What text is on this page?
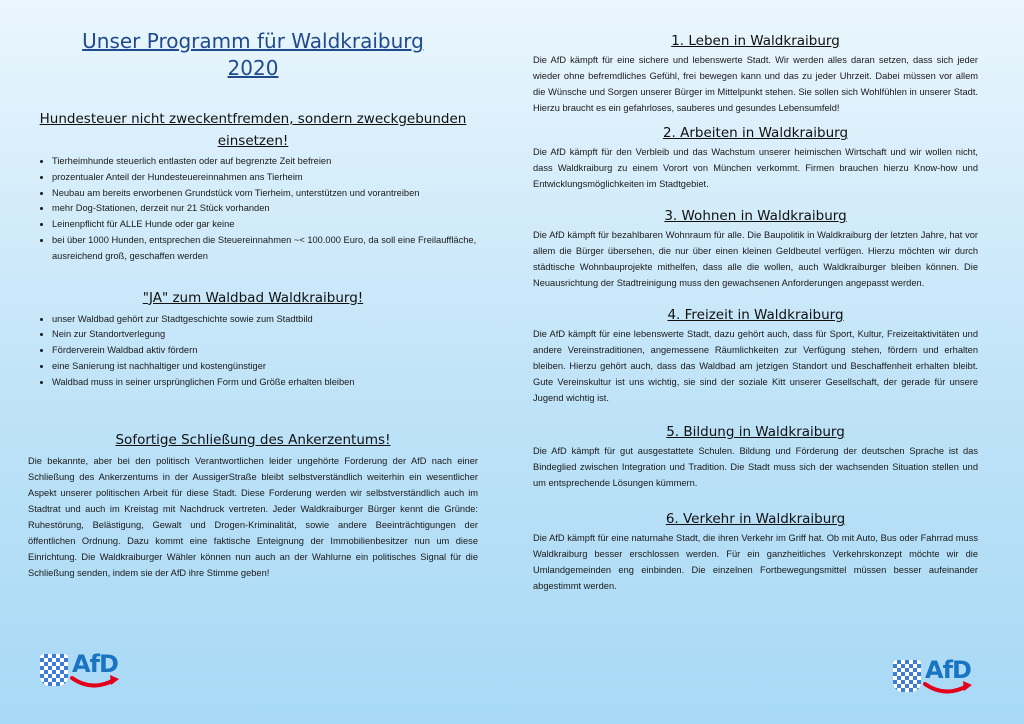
Unser Programm für Waldkraiburg
2020
Hundesteuer nicht zweckentfremden, sondern zweckgebunden
einsetzen!
• Tierheimhunde steuerlich entlasten oder auf begrenzte Zeit befreien
• prozentualer Anteil der Hundesteuereinnahmen ans Tierheim
• Neubau am bereits erworbenen Grundstück vom Tierheim, unterstützen und vorantreiben
• mehr Dog-Stationen, derzeit nur 21 Stück vorhanden
• Leinenpflicht für ALLE Hunde oder gar keine
• bei über 1000 Hunden, entsprechen die Steuereinnahmen ~< 100.000 Euro, da soll eine Freilauffläche, ausreichend groß, geschaffen werden
"JA" zum Waldbad Waldkraiburg!
• unser Waldbad gehört zur Stadtgeschichte sowie zum Stadtbild
• Nein zur Standortverlegung
• Förderverein Waldbad aktiv fördern
• eine Sanierung ist nachhaltiger und kostengünstiger
• Waldbad muss in seiner ursprünglichen Form und Größe erhalten bleiben
Sofortige Schließung des Ankerzentums!

Die bekannte, aber bei den politisch Verantwortlichen leider ungehörte Forderung der AfD nach einer Schließung des Ankerzentums in der AussigerStraße bleibt selbstverständlich weiterhin ein wesentlicher Aspekt unserer politischen Arbeit für diese Stadt. Diese Forderung werden wir selbstverständlich auch im Stadtrat und auch im Kreistag mit Nachdruck vertreten. Jeder Waldkraiburger Bürger kennt die Gründe: Ruhestörung, Belästigung, Gewalt und Drogen-Kriminalität, sowie andere Beeinträchtigungen der öffentlichen Ordnung. Dazu kommt eine faktische Enteignung der Immobilienbesitzer nun um diese Einrichtung. Die Waldkraiburger Wähler können nun auch an der Wahlurne ein politisches Signal für die Schließung senden, indem sie der AfD ihre Stimme geben!

1. Leben in Waldkraiburg

Die AfD kämpft für eine sichere und lebenswerte Stadt. Wir werden alles daran setzen, dass sich jeder wieder ohne befremdliches Gefühl, frei bewegen kann und das zu jeder Uhrzeit. Dabei müssen vor allem die Wünsche und Sorgen unserer Bürger im Mittelpunkt stehen. Sie sollen sich Wohlfühlen in unserer Stadt. Hierzu braucht es ein gefahrloses, sauberes und gesundes Lebensumfeld!

2. Arbeiten in Waldkraiburg

Die AfD kämpft für den Verbleib und das Wachstum unserer heimischen Wirtschaft und wir wollen nicht, dass Waldkraiburg zu einem Vorort von München verkommt. Firmen brauchen hierzu Know-how und Entwicklungsmöglichkeiten im Stadtgebiet.

3. Wohnen in Waldkraiburg

Die AfD kämpft für bezahlbaren Wohnraum für alle. Die Baupolitik in Waldkraiburg der letzten Jahre, hat vor allem die Bürger übersehen, die nur über einen kleinen Geldbeutel verfügen. Hierzu möchten wir durch städtische Wohnbauprojekte mithelfen, dass alle die wollen, auch Waldkraiburger bleiben können. Die Neuausrichtung der Stadtreinigung muss den gewachsenen Anforderungen angepasst werden.

4. Freizeit in Waldkraiburg

Die AfD kämpft für eine lebenswerte Stadt, dazu gehört auch, dass für Sport, Kultur, Freizeitaktivitäten und andere Vereinstraditionen, angemessene Räumlichkeiten zur Verfügung stehen, fördern und erhalten bleiben. Hierzu gehört auch, dass das Waldbad am jetzigen Standort und Beschaffenheit erhalten bleibt. Gute Vereinskultur ist uns wichtig, sie sind der soziale Kitt unserer Gesellschaft, der gerade für unsere Jugend wichtig ist.

5. Bildung in Waldkraiburg

Die AfD kämpft für gut ausgestattete Schulen. Bildung und Förderung der deutschen Sprache ist das Bindeglied zwischen Integration und Tradition. Die Stadt muss sich der wachsenden Situation stellen und um entsprechende Lösungen kümmern.

6. Verkehr in Waldkraiburg

Die AfD kämpft für eine naturnahe Stadt, die ihren Verkehr im Griff hat. Ob mit Auto, Bus oder Fahrrad muss Waldkraiburg besser erschlossen werden. Für ein ganzheitliches Verkehrskonzept möchte wir die Umlandgemeinden eng einbinden. Die einzelnen Fortbewegungsmittel müssen besser aufeinander abgestimmt werden.

AfD	AfD
